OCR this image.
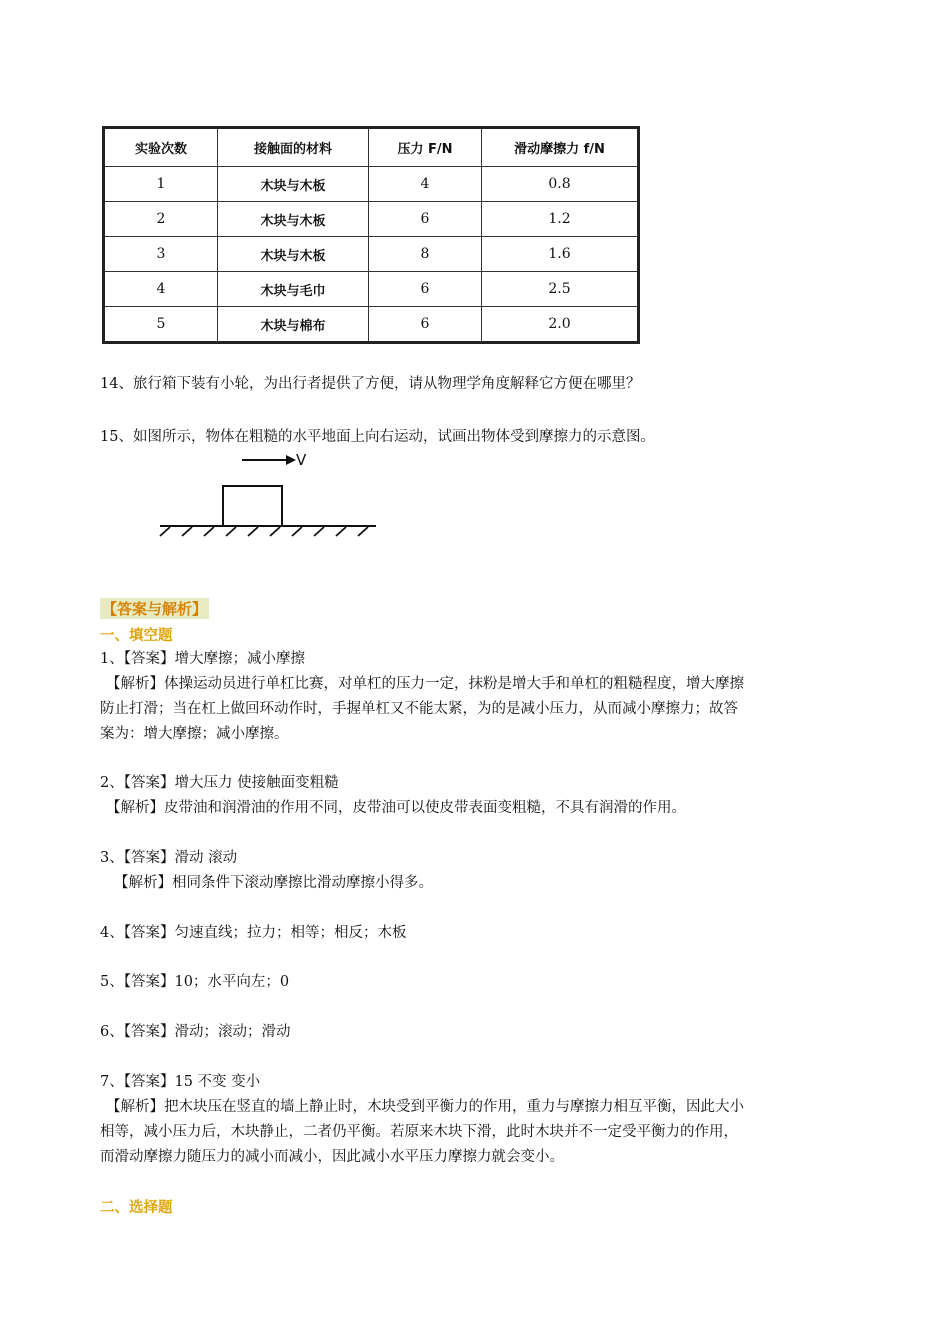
实验次数	接触面的材料	压力 F/N	滑动摩擦力 f/N
1	木块与木板	4	0.8
2	木块与木板	6	1.2
3	木块与木板	8	1.6
4	木块与毛巾	6	2.5
5	木块与棉布	6	2.0
14、旅行箱下装有小轮，为出行者提供了方便，请从物理学角度解释它方便在哪里？
15、如图所示，物体在粗糙的水平地面上向右运动，试画出物体受到摩擦力的示意图。
V
【答案与解析】
一、填空题
1、【答案】增大摩擦；减小摩擦
【解析】体操运动员进行单杠比赛，对单杠的压力一定，抹粉是增大手和单杠的粗糙程度，增大摩擦
防止打滑；当在杠上做回环动作时，手握单杠又不能太紧，为的是减小压力，从而减小摩擦力；故答
案为：增大摩擦；减小摩擦。
2、【答案】增大压力 使接触面变粗糙
【解析】皮带油和润滑油的作用不同，皮带油可以使皮带表面变粗糙，不具有润滑的作用。
3、【答案】滑动 滚动
【解析】相同条件下滚动摩擦比滑动摩擦小得多。
4、【答案】匀速直线；拉力；相等；相反；木板
5、【答案】10；水平向左；0
6、【答案】滑动；滚动；滑动
7、【答案】15 不变 变小
【解析】把木块压在竖直的墙上静止时，木块受到平衡力的作用，重力与摩擦力相互平衡，因此大小
相等，减小压力后，木块静止，二者仍平衡。若原来木块下滑，此时木块并不一定受平衡力的作用，
而滑动摩擦力随压力的减小而减小，因此减小水平压力摩擦力就会变小。
二、选择题
